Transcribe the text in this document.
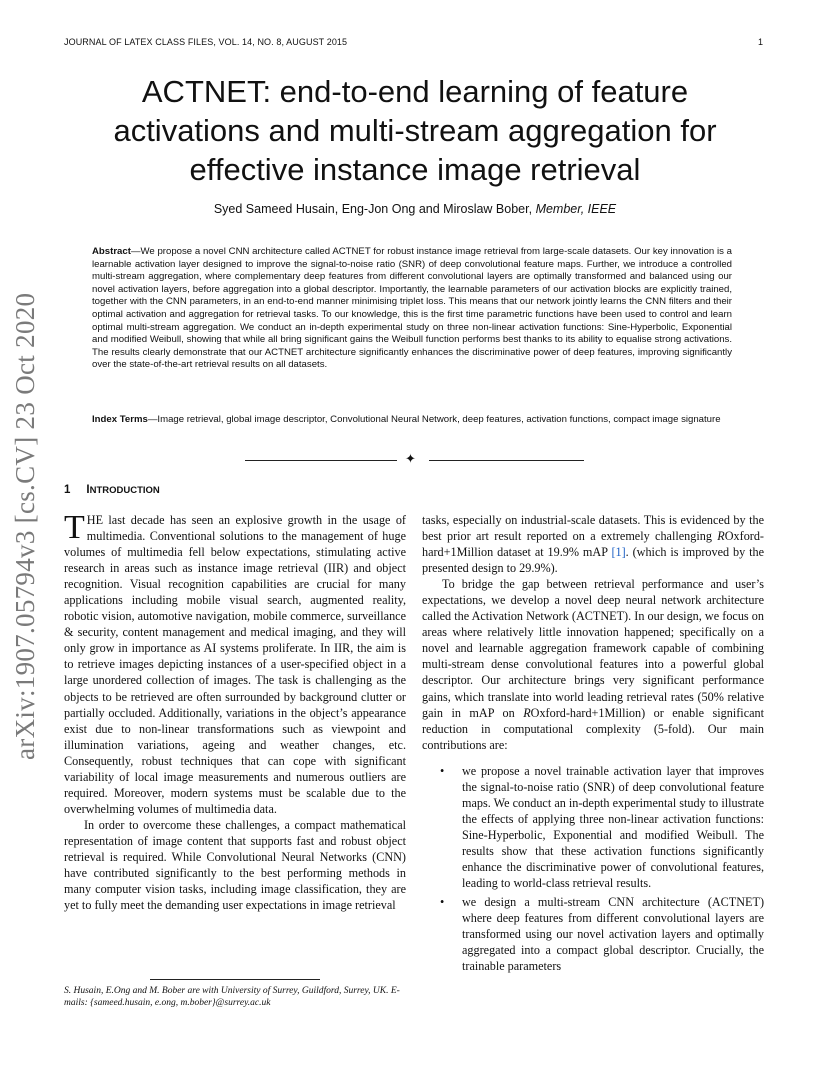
JOURNAL OF LATEX CLASS FILES, VOL. 14, NO. 8, AUGUST 2015	1
arXiv:1907.05794v3 [cs.CV] 23 Oct 2020
ACTNET: end-to-end learning of feature
activations and multi-stream aggregation for
effective instance image retrieval
Syed Sameed Husain, Eng-Jon Ong and Miroslaw Bober, Member, IEEE
Abstract—We propose a novel CNN architecture called ACTNET for robust instance image retrieval from large-scale datasets. Our key innovation is a learnable activation layer designed to improve the signal-to-noise ratio (SNR) of deep convolutional feature maps. Further, we introduce a controlled multi-stream aggregation, where complementary deep features from different convolutional layers are optimally transformed and balanced using our novel activation layers, before aggregation into a global descriptor. Importantly, the learnable parameters of our activation blocks are explicitly trained, together with the CNN parameters, in an end-to-end manner minimising triplet loss. This means that our network jointly learns the CNN filters and their optimal activation and aggregation for retrieval tasks. To our knowledge, this is the first time parametric functions have been used to control and learn optimal multi-stream aggregation. We conduct an in-depth experimental study on three non-linear activation functions: Sine-Hyperbolic, Exponential and modified Weibull, showing that while all bring significant gains the Weibull function performs best thanks to its ability to equalise strong activations. The results clearly demonstrate that our ACTNET architecture significantly enhances the discriminative power of deep features, improving significantly over the state-of-the-art retrieval results on all datasets.
Index Terms—Image retrieval, global image descriptor, Convolutional Neural Network, deep features, activation functions, compact image signature
✦
1 INTRODUCTION

THE last decade has seen an explosive growth in the usage of multimedia. Conventional solutions to the management of huge volumes of multimedia fell below expectations, stimulating active research in areas such as instance image retrieval (IIR) and object recognition. Visual recognition capabilities are crucial for many applications including mobile visual search, augmented reality, robotic vision, automotive navigation, mobile commerce, surveillance & security, content management and medical imaging, and they will only grow in importance as AI systems proliferate. In IIR, the aim is to retrieve images depicting instances of a user-specified object in a large unordered collection of images. The task is challenging as the objects to be retrieved are often surrounded by background clutter or partially occluded. Additionally, variations in the object’s appearance exist due to non-linear transformations such as viewpoint and illumination variations, ageing and weather changes, etc. Consequently, robust techniques that can cope with significant variability of local image measurements and numerous outliers are required. Moreover, modern systems must be scalable due to the overwhelming volumes of multimedia data.

In order to overcome these challenges, a compact mathematical representation of image content that supports fast and robust object retrieval is required. While Convolutional Neural Networks (CNN) have contributed significantly to the best performing methods in many computer vision tasks, including image classification, they are yet to fully meet the demanding user expectations in image retrieval

tasks, especially on industrial-scale datasets. This is evidenced by the best prior art result reported on a extremely challenging ROxford-hard+1Million dataset at 19.9% mAP [1]. (which is improved by the presented design to 29.9%).

To bridge the gap between retrieval performance and user’s expectations, we develop a novel deep neural network architecture called the Activation Network (ACTNET). In our design, we focus on areas where relatively little innovation happened; specifically on a novel and learnable aggregation framework capable of combining multi-stream dense convolutional features into a powerful global descriptor. Our architecture brings very significant performance gains, which translate into world leading retrieval rates (50% relative gain in mAP on ROxford-hard+1Million) or enable significant reduction in computational complexity (5-fold). Our main contributions are:

• we propose a novel trainable activation layer that improves the signal-to-noise ratio (SNR) of deep convolutional feature maps. We conduct an in-depth experimental study to illustrate the effects of applying three non-linear activation functions: Sine-Hyperbolic, Exponential and modified Weibull. The results show that these activation functions significantly enhance the discriminative power of convolutional features, leading to world-class retrieval results.
• we design a multi-stream CNN architecture (ACTNET) where deep features from different convolutional layers are transformed using our novel activation layers and optimally aggregated into a compact global descriptor. Crucially, the trainable parameters
S. Husain, E.Ong and M. Bober are with University of Surrey, Guildford, Surrey, UK. E-mails: {sameed.husain, e.ong, m.bober}@surrey.ac.uk
